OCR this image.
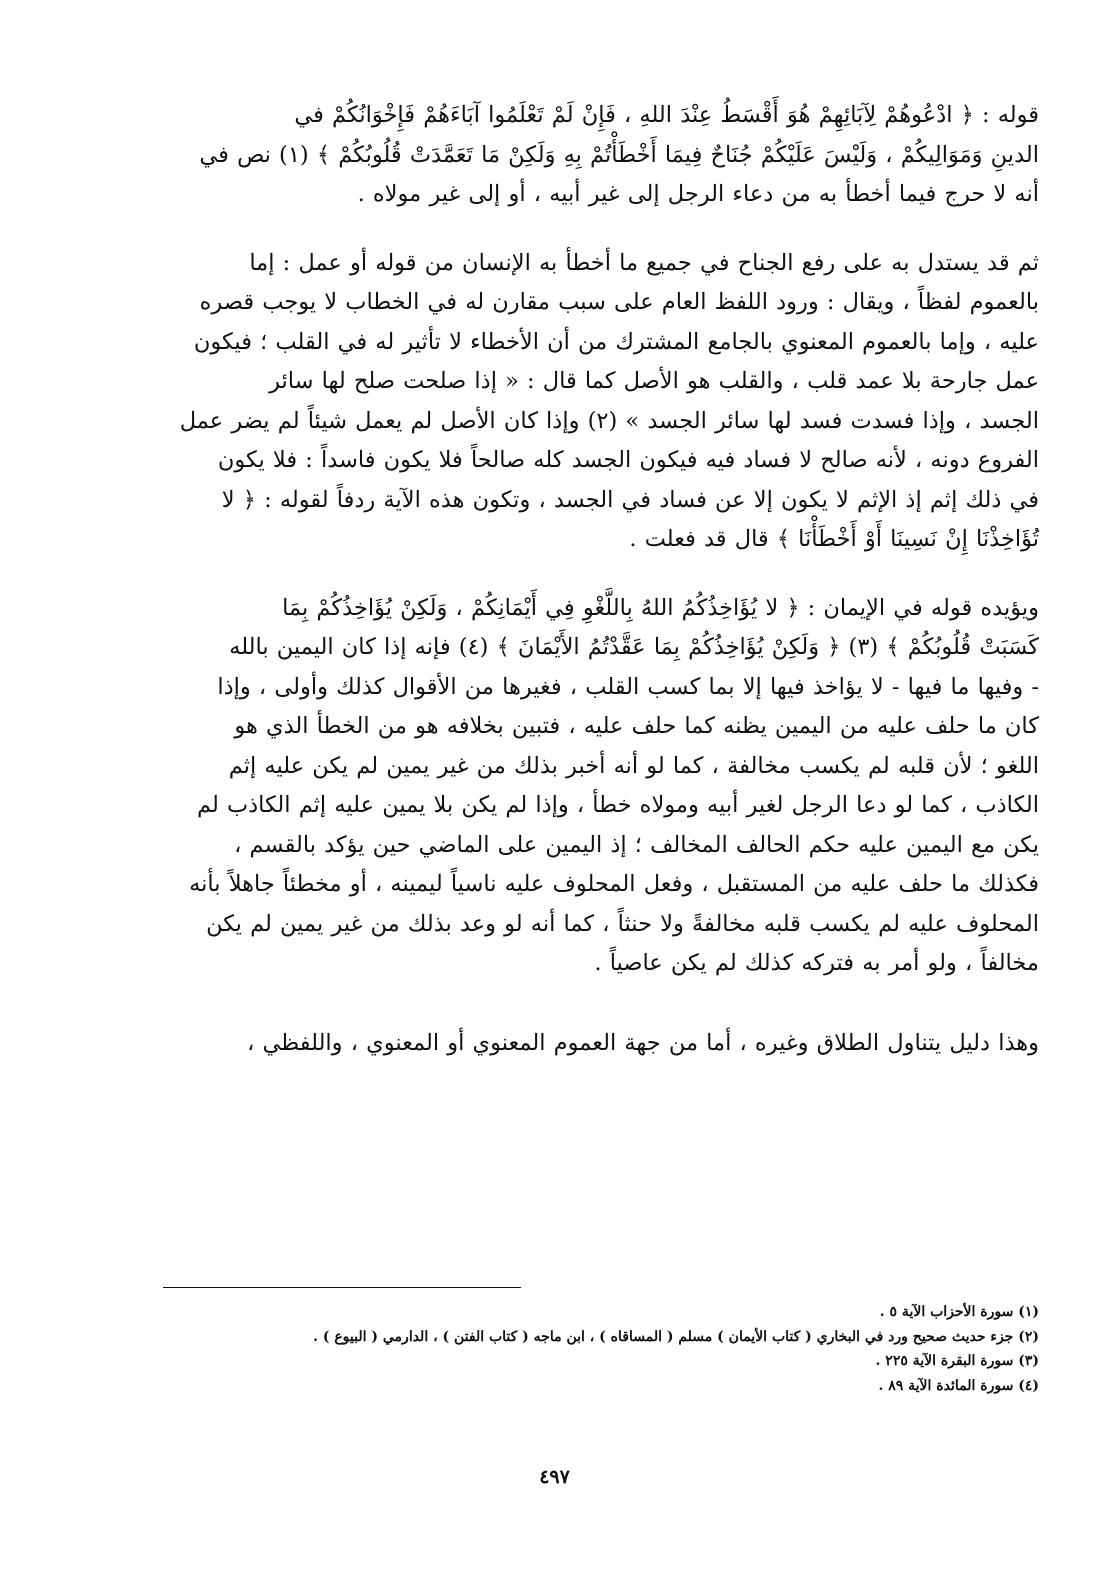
قوله : ﴿ ادْعُوهُمْ لِآبَائِهِمْ هُوَ أَقْسَطُ عِنْدَ اللهِ ، فَإِنْ لَمْ تَعْلَمُوا آبَاءَهُمْ فَإِخْوَانُكُمْ في
الدينِ وَمَوَالِيكُمْ ، وَلَيْسَ عَلَيْكُمْ جُنَاحٌ فِيمَا أَخْطَأْتُمْ بِهِ وَلَكِنْ مَا تَعَمَّدَتْ قُلُوبُكُمْ ﴾ (١) نص في
أنه لا حرج فيما أخطأ به من دعاء الرجل إلى غير أبيه ، أو إلى غير مولاه .

ثم قد يستدل به على رفع الجناح في جميع ما أخطأ به الإنسان من قوله أو عمل : إما
بالعموم لفظاً ، ويقال : ورود اللفظ العام على سبب مقارن له في الخطاب لا يوجب قصره
عليه ، وإما بالعموم المعنوي بالجامع المشترك من أن الأخطاء لا تأثير له في القلب ؛ فيكون
عمل جارحة بلا عمد قلب ، والقلب هو الأصل كما قال : « إذا صلحت صلح لها سائر
الجسد ، وإذا فسدت فسد لها سائر الجسد » (٢) وإذا كان الأصل لم يعمل شيئاً لم يضر عمل
الفروع دونه ، لأنه صالح لا فساد فيه فيكون الجسد كله صالحاً فلا يكون فاسداً : فلا يكون
في ذلك إثم إذ الإثم لا يكون إلا عن فساد في الجسد ، وتكون هذه الآية ردفاً لقوله : ﴿ لا
تُؤَاخِذْنَا إِنْ نَسِينَا أَوْ أَخْطَأْنَا ﴾ قال قد فعلت .

ويؤيده قوله في الإيمان : ﴿ لا يُؤَاخِذُكُمُ اللهُ بِاللَّغْوِ فِي أَيْمَانِكُمْ ، وَلَكِنْ يُؤَاخِذُكُمْ بِمَا
كَسَبَتْ قُلُوبُكُمْ ﴾ (٣) ﴿ وَلَكِنْ يُؤَاخِذُكُمْ بِمَا عَقَّدْتُمُ الأَيْمَانَ ﴾ (٤) فإنه إذا كان اليمين بالله
- وفيها ما فيها - لا يؤاخذ فيها إلا بما كسب القلب ، فغيرها من الأقوال كذلك وأولى ، وإذا
كان ما حلف عليه من اليمين يظنه كما حلف عليه ، فتبين بخلافه هو من الخطأ الذي هو
اللغو ؛ لأن قلبه لم يكسب مخالفة ، كما لو أنه أخبر بذلك من غير يمين لم يكن عليه إثم
الكاذب ، كما لو دعا الرجل لغير أبيه ومولاه خطأ ، وإذا لم يكن بلا يمين عليه إثم الكاذب لم
يكن مع اليمين عليه حكم الحالف المخالف ؛ إذ اليمين على الماضي حين يؤكد بالقسم ،
فكذلك ما حلف عليه من المستقبل ، وفعل المحلوف عليه ناسياً ليمينه ، أو مخطئاً جاهلاً بأنه
المحلوف عليه لم يكسب قلبه مخالفةً ولا حنثاً ، كما أنه لو وعد بذلك من غير يمين لم يكن
مخالفاً ، ولو أمر به فتركه كذلك لم يكن عاصياً .

وهذا دليل يتناول الطلاق وغيره ، أما من جهة العموم المعنوي أو المعنوي ، واللفظي ،

(١) سورة الأحزاب الآية ٥ .
(٢) جزء حديث صحيح ورد في البخاري ( كتاب الأيمان ) مسلم ( المساقاه ) ، ابن ماجه ( كتاب الفتن ) ، الدارمي ( البيوع ) .
(٣) سورة البقرة الآية ٢٢٥ .
(٤) سورة المائدة الآية ٨٩ .
٤٩٧
